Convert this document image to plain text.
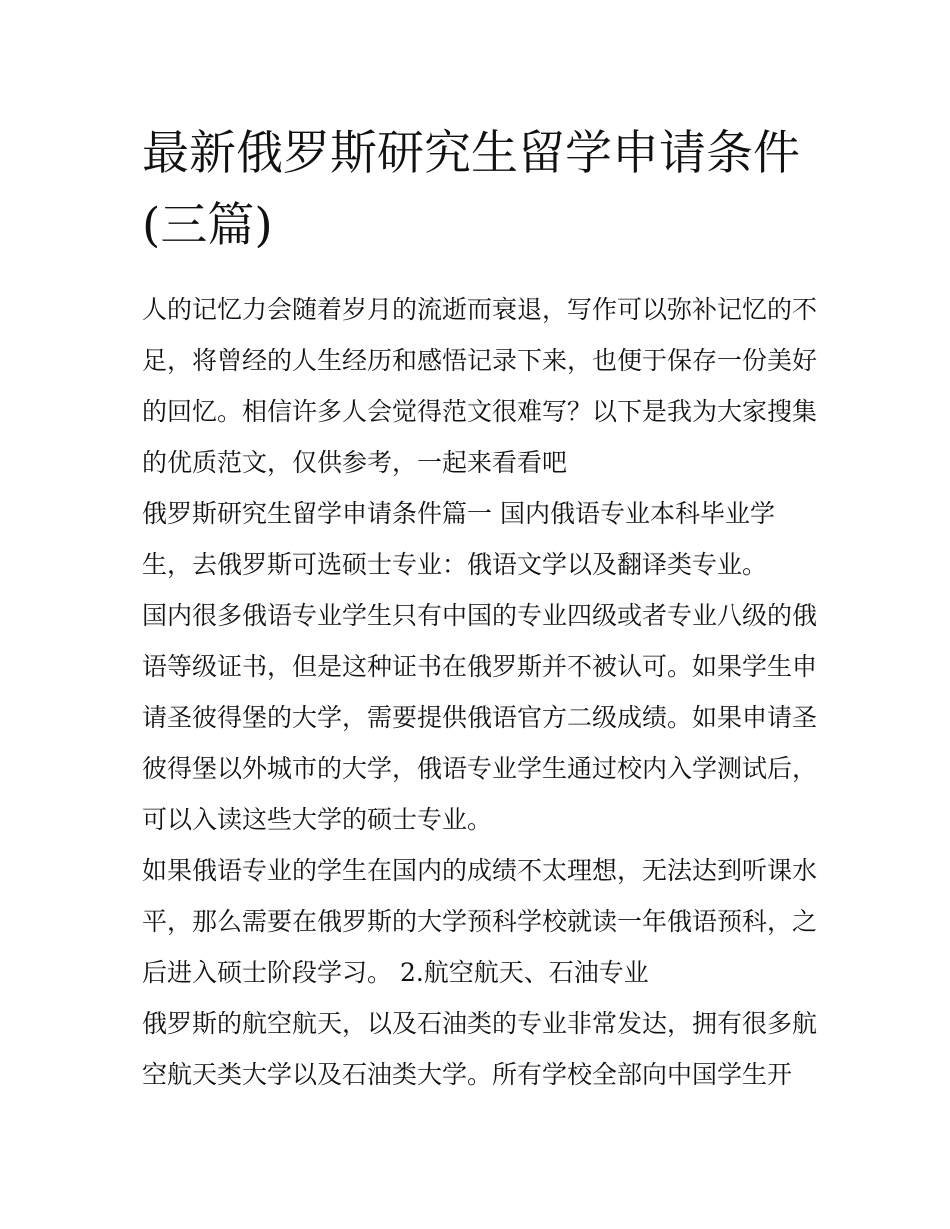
最新俄罗斯研究生留学申请条件(三篇)

人的记忆力会随着岁月的流逝而衰退，写作可以弥补记忆的不足，将曾经的人生经历和感悟记录下来，也便于保存一份美好的回忆。相信许多人会觉得范文很难写？以下是我为大家搜集的优质范文，仅供参考，一起来看看吧

俄罗斯研究生留学申请条件篇一 国内俄语专业本科毕业学生，去俄罗斯可选硕士专业：俄语文学以及翻译类专业。

国内很多俄语专业学生只有中国的专业四级或者专业八级的俄语等级证书，但是这种证书在俄罗斯并不被认可。如果学生申请圣彼得堡的大学，需要提供俄语官方二级成绩。如果申请圣彼得堡以外城市的大学，俄语专业学生通过校内入学测试后，可以入读这些大学的硕士专业。

如果俄语专业的学生在国内的成绩不太理想，无法达到听课水平，那么需要在俄罗斯的大学预科学校就读一年俄语预科，之后进入硕士阶段学习。 2.航空航天、石油专业

俄罗斯的航空航天，以及石油类的专业非常发达，拥有很多航空航天类大学以及石油类大学。所有学校全部向中国学生开
